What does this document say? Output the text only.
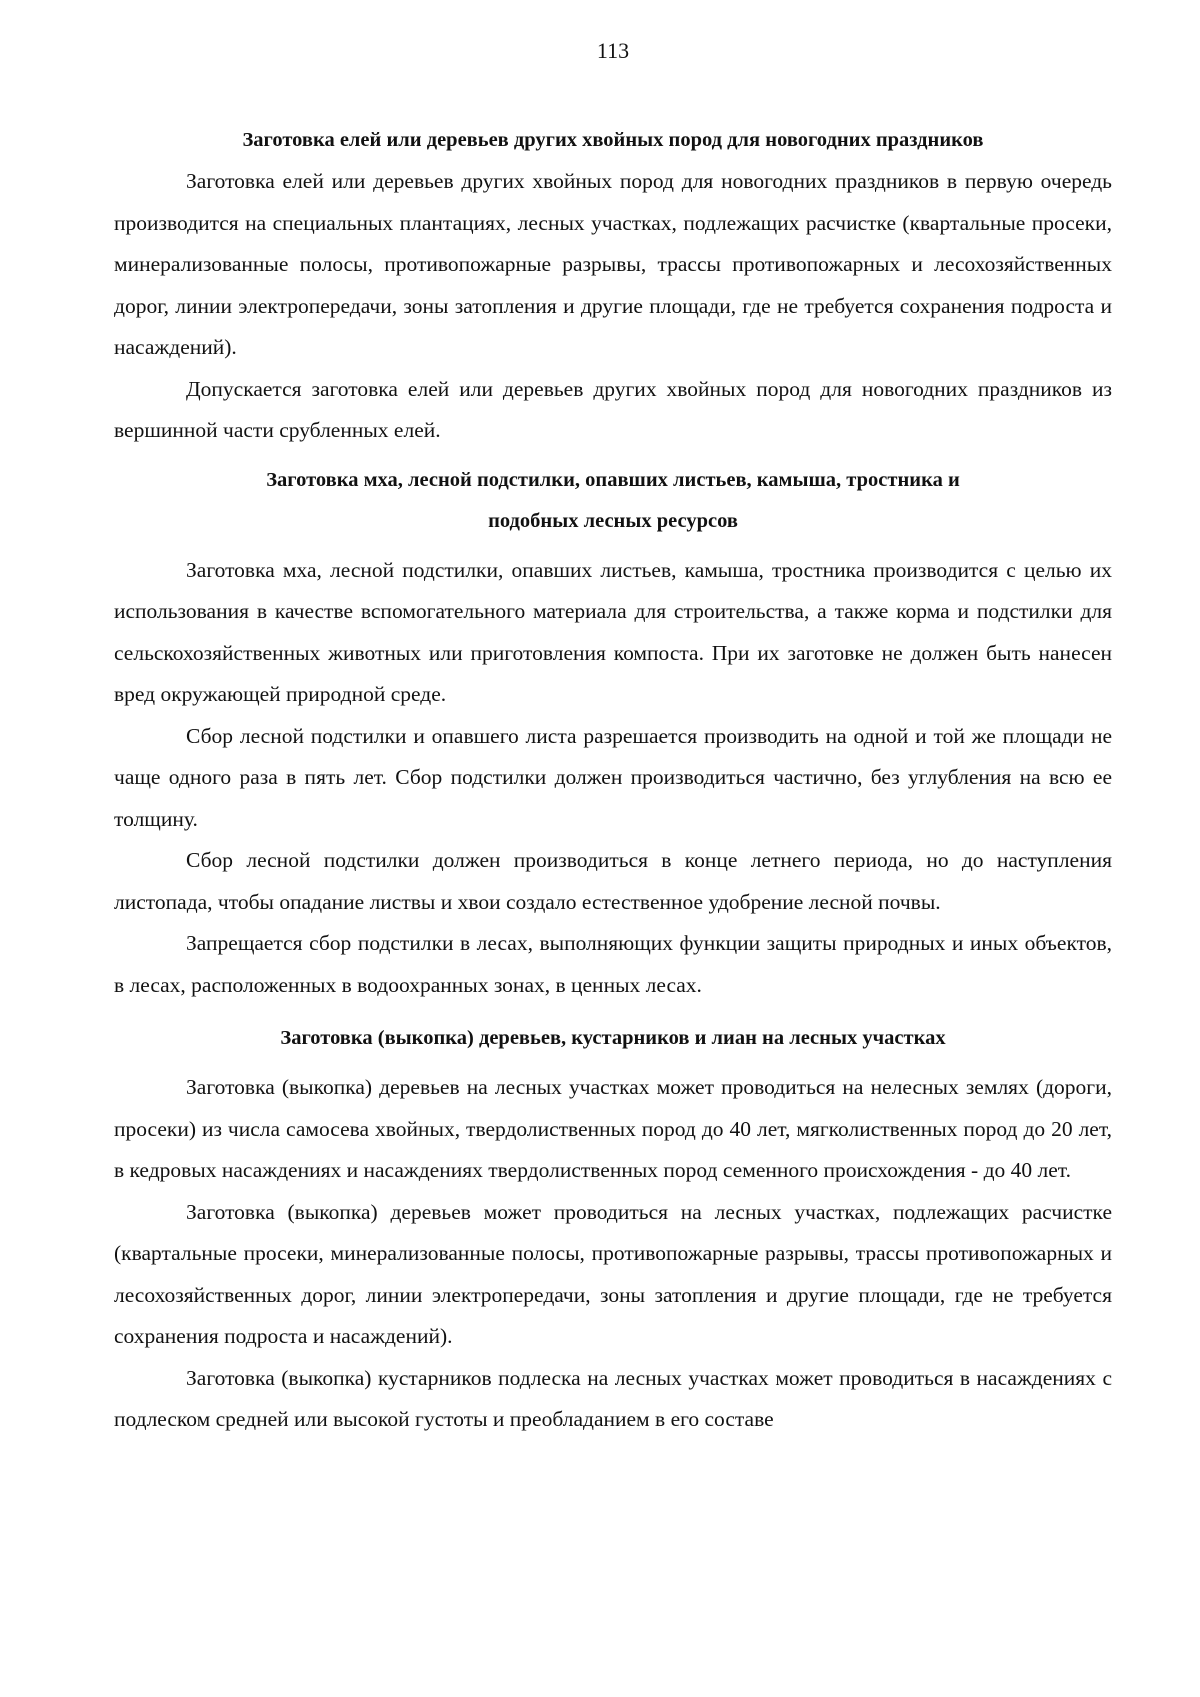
113

Заготовка елей или деревьев других хвойных пород для новогодних праздников

Заготовка елей или деревьев других хвойных пород для новогодних праздников в первую очередь производится на специальных плантациях, лесных участках, подлежащих расчистке (квартальные просеки, минерализованные полосы, противопожарные разрывы, трассы противопожарных и лесохозяйственных дорог, линии электропередачи, зоны затопления и другие площади, где не требуется сохранения подроста и насаждений).

Допускается заготовка елей или деревьев других хвойных пород для новогодних праздников из вершинной части срубленных елей.

Заготовка мха, лесной подстилки, опавших листьев, камыша, тростника и
подобных лесных ресурсов

Заготовка мха, лесной подстилки, опавших листьев, камыша, тростника производится с целью их использования в качестве вспомогательного материала для строительства, а также корма и подстилки для сельскохозяйственных животных или приготовления компоста. При их заготовке не должен быть нанесен вред окружающей природной среде.

Сбор лесной подстилки и опавшего листа разрешается производить на одной и той же площади не чаще одного раза в пять лет. Сбор подстилки должен производиться частично, без углубления на всю ее толщину.

Сбор лесной подстилки должен производиться в конце летнего периода, но до наступления листопада, чтобы опадание листвы и хвои создало естественное удобрение лесной почвы.

Запрещается сбор подстилки в лесах, выполняющих функции защиты природных и иных объектов, в лесах, расположенных в водоохранных зонах, в ценных лесах.

Заготовка (выкопка) деревьев, кустарников и лиан на лесных участках

Заготовка (выкопка) деревьев на лесных участках может проводиться на нелесных землях (дороги, просеки) из числа самосева хвойных, твердолиственных пород до 40 лет, мягколиственных пород до 20 лет, в кедровых насаждениях и насаждениях твердолиственных пород семенного происхождения - до 40 лет.

Заготовка (выкопка) деревьев может проводиться на лесных участках, подлежащих расчистке (квартальные просеки, минерализованные полосы, противопожарные разрывы, трассы противопожарных и лесохозяйственных дорог, линии электропередачи, зоны затопления и другие площади, где не требуется сохранения подроста и насаждений).

Заготовка (выкопка) кустарников подлеска на лесных участках может проводиться в насаждениях с подлеском средней или высокой густоты и преобладанием в его составе
